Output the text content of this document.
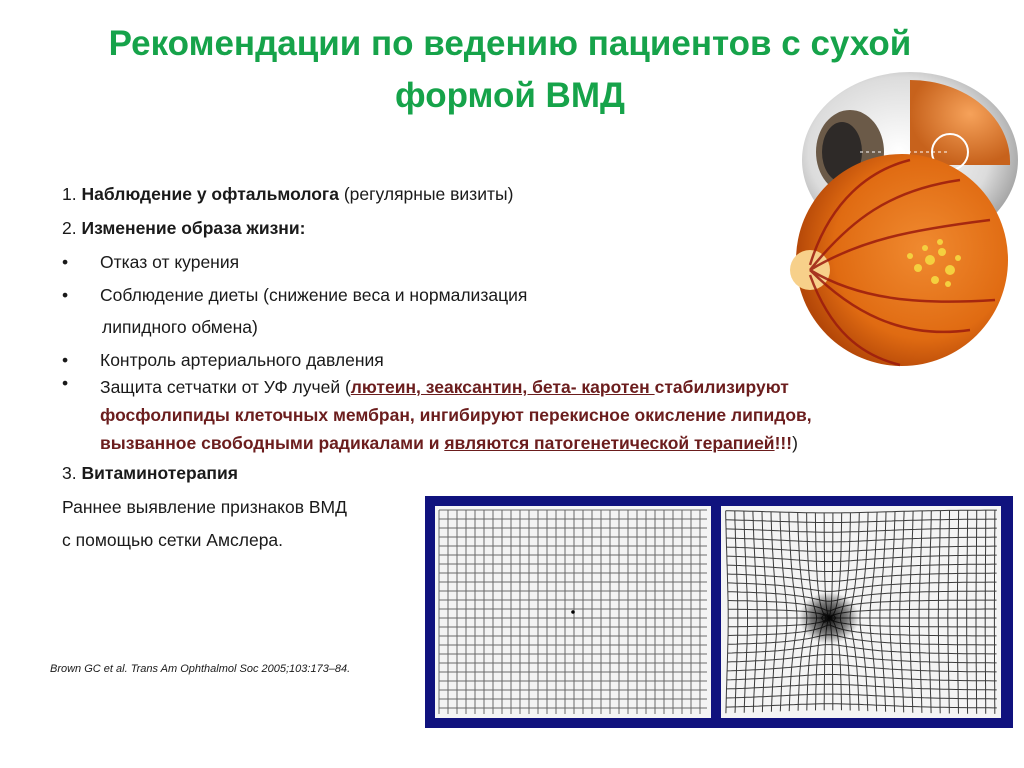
Рекомендации по ведению пациентов с сухой формой ВМД
1. Наблюдение у офтальмолога (регулярные визиты)
2. Изменение образа жизни:
• Отказ от курения
• Соблюдение диеты (снижение веса и нормализация
липидного обмена)
• Контроль артериального давления
• Защита сетчатки от УФ лучей (лютеин, зеаксантин, бета- каротен стабилизируют фосфолипиды клеточных мембран, ингибируют перекисное окисление липидов, вызванное свободными радикалами и являются патогенетической терапией!!!)
3. Витаминотерапия
Раннее выявление признаков ВМД
с помощью сетки Амслера.
Brown GC et al. Trans Am Ophthalmol Soc 2005;103:173–84.
